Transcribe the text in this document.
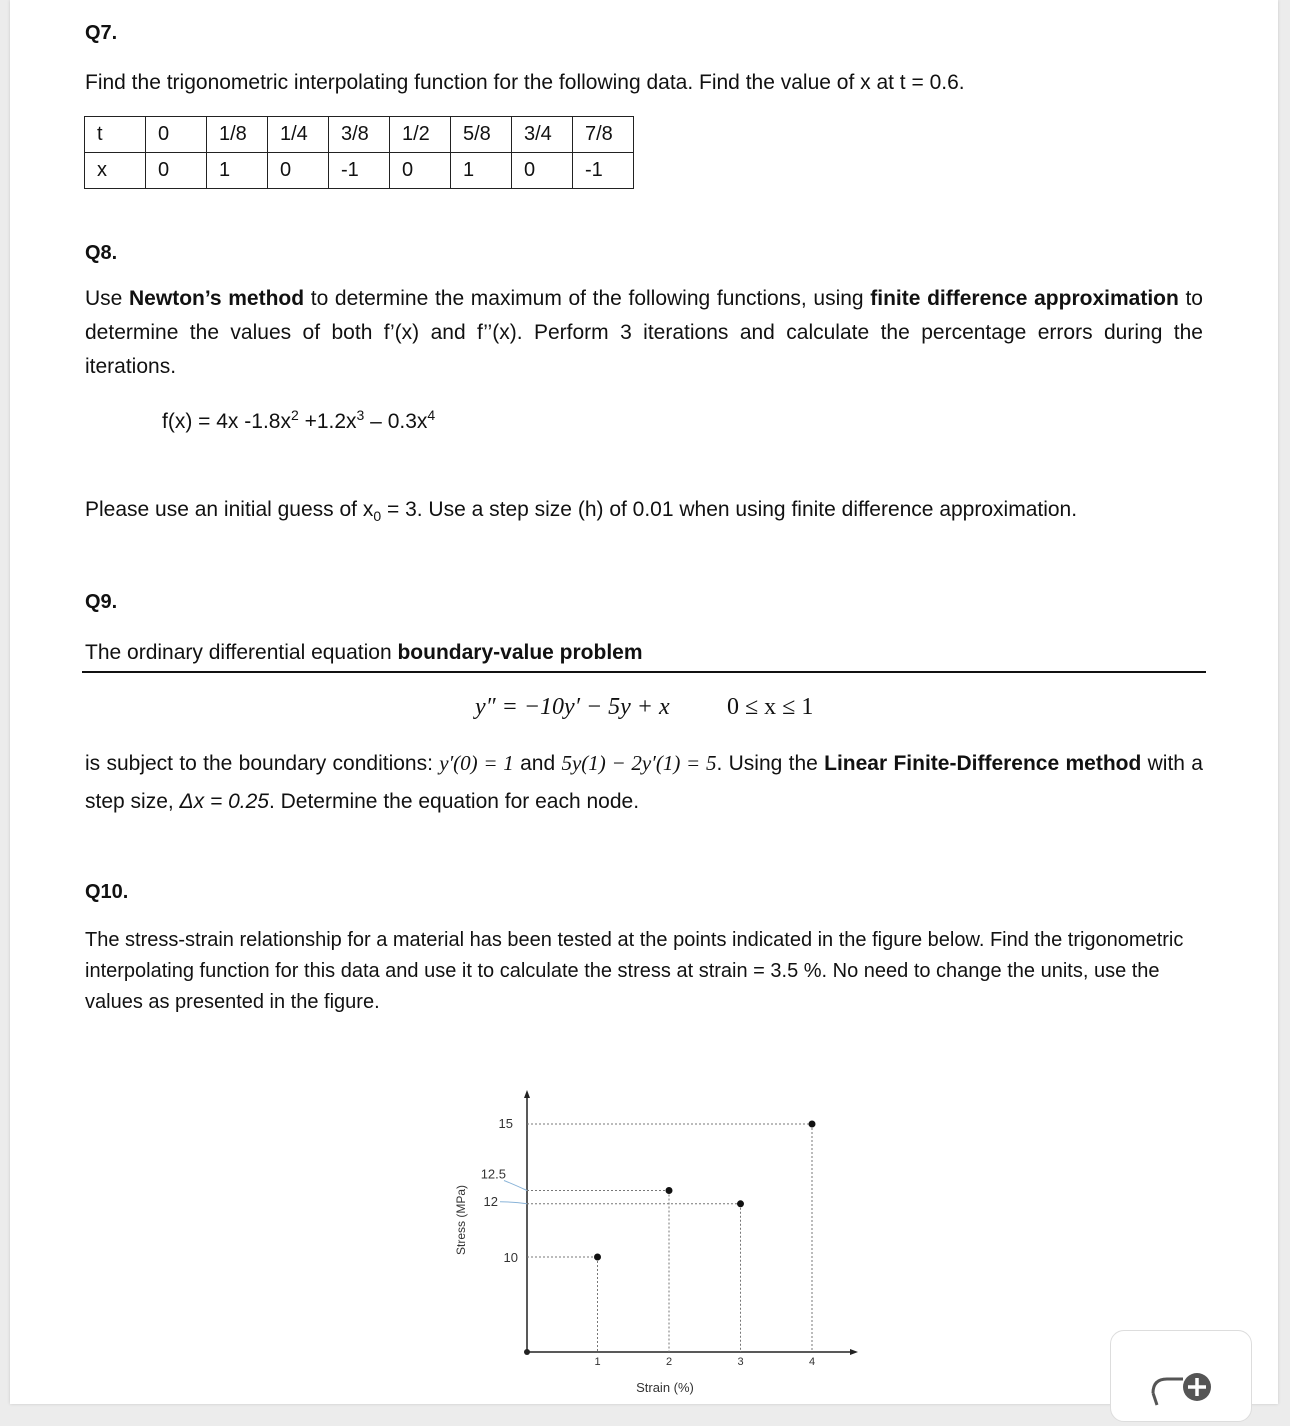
Q7.
Find the trigonometric interpolating function for the following data. Find the value of x at t = 0.6.
t	0	1/8	1/4	3/8	1/2	5/8	3/4	7/8
x	0	1	0	-1	0	1	0	-1
Q8.
Use Newton’s method to determine the maximum of the following functions, using finite difference approximation to determine the values of both f’(x) and f’’(x). Perform 3 iterations and calculate the percentage errors during the iterations.
f(x) = 4x $-1.8x^2 +1.2x^3 - 0.3x^4$
Please use an initial guess of $x_0 = 3$. Use a step size (h) of 0.01 when using finite difference approximation.
Q9.
The ordinary differential equation boundary-value problem
y″ = −10y′ − 5y + x 0 ≤ x ≤ 1
is subject to the boundary conditions: y′(0) = 1 and 5y(1) − 2y′(1) = 5. Using the Linear Finite-Difference method with a step size, Δx = 0.25. Determine the equation for each node.
Q10.
The stress-strain relationship for a material has been tested at the points indicated in the figure below. Find the trigonometric interpolating function for this data and use it to calculate the stress at strain = 3.5 %. No need to change the units, use the values as presented in the figure.
1	2	3	4
10
12
12.5
15
Strain (%)
Stress (MPa)
